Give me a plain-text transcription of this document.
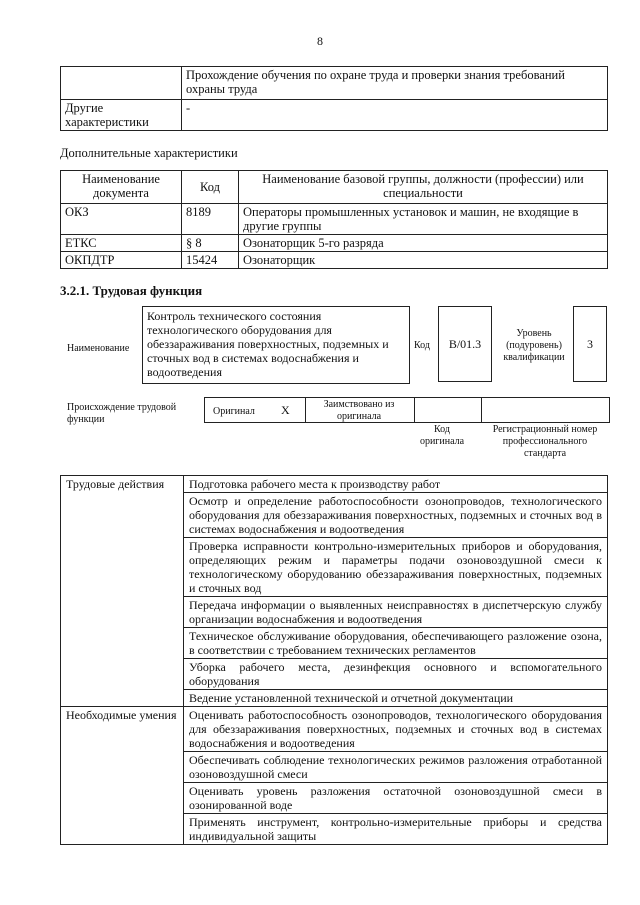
8
	Прохождение обучения по охране труда и проверки знания требований охраны труда
Другие характеристики	-
Дополнительные характеристики
Наименование документа	Код	Наименование базовой группы, должности (профессии) или специальности
ОКЗ	8189	Операторы промышленных установок и машин, не входящие в другие группы
ЕТКС	§ 8	Озонаторщик 5-го разряда
ОКПДТР	15424	Озонаторщик
3.2.1. Трудовая функция
Наименование
Контроль технического состояния технологического оборудования для обеззараживания поверхностных, подземных и сточных вод в системах водоснабжения и водоотведения
Код	В/01.3
Уровень (подуровень) квалификации
3
Происхождение трудовой функции
Оригинал X	Заимствовано из оригинала
Код оригинала
Регистрационный номер профессионального стандарта
Трудовые действия	Подготовка рабочего места к производству работ
	Осмотр и определение работоспособности озонопроводов, технологического оборудования для обеззараживания поверхностных, подземных и сточных вод в системах водоснабжения и водоотведения
	Проверка исправности контрольно-измерительных приборов и оборудования, определяющих режим и параметры подачи озоновоздушной смеси к технологическому оборудованию обеззараживания поверхностных, подземных и сточных вод
	Передача информации о выявленных неисправностях в диспетчерскую службу организации водоснабжения и водоотведения
	Техническое обслуживание оборудования, обеспечивающего разложение озона, в соответствии с требованием технических регламентов
	Уборка рабочего места, дезинфекция основного и вспомогательного оборудования
	Ведение установленной технической и отчетной документации
Необходимые умения	Оценивать работоспособность озонопроводов, технологического оборудования для обеззараживания поверхностных, подземных и сточных вод в системах водоснабжения и водоотведения
	Обеспечивать соблюдение технологических режимов разложения отработанной озоновоздушной смеси
	Оценивать уровень разложения остаточной озоновоздушной смеси в озонированной воде
	Применять инструмент, контрольно-измерительные приборы и средства индивидуальной защиты
